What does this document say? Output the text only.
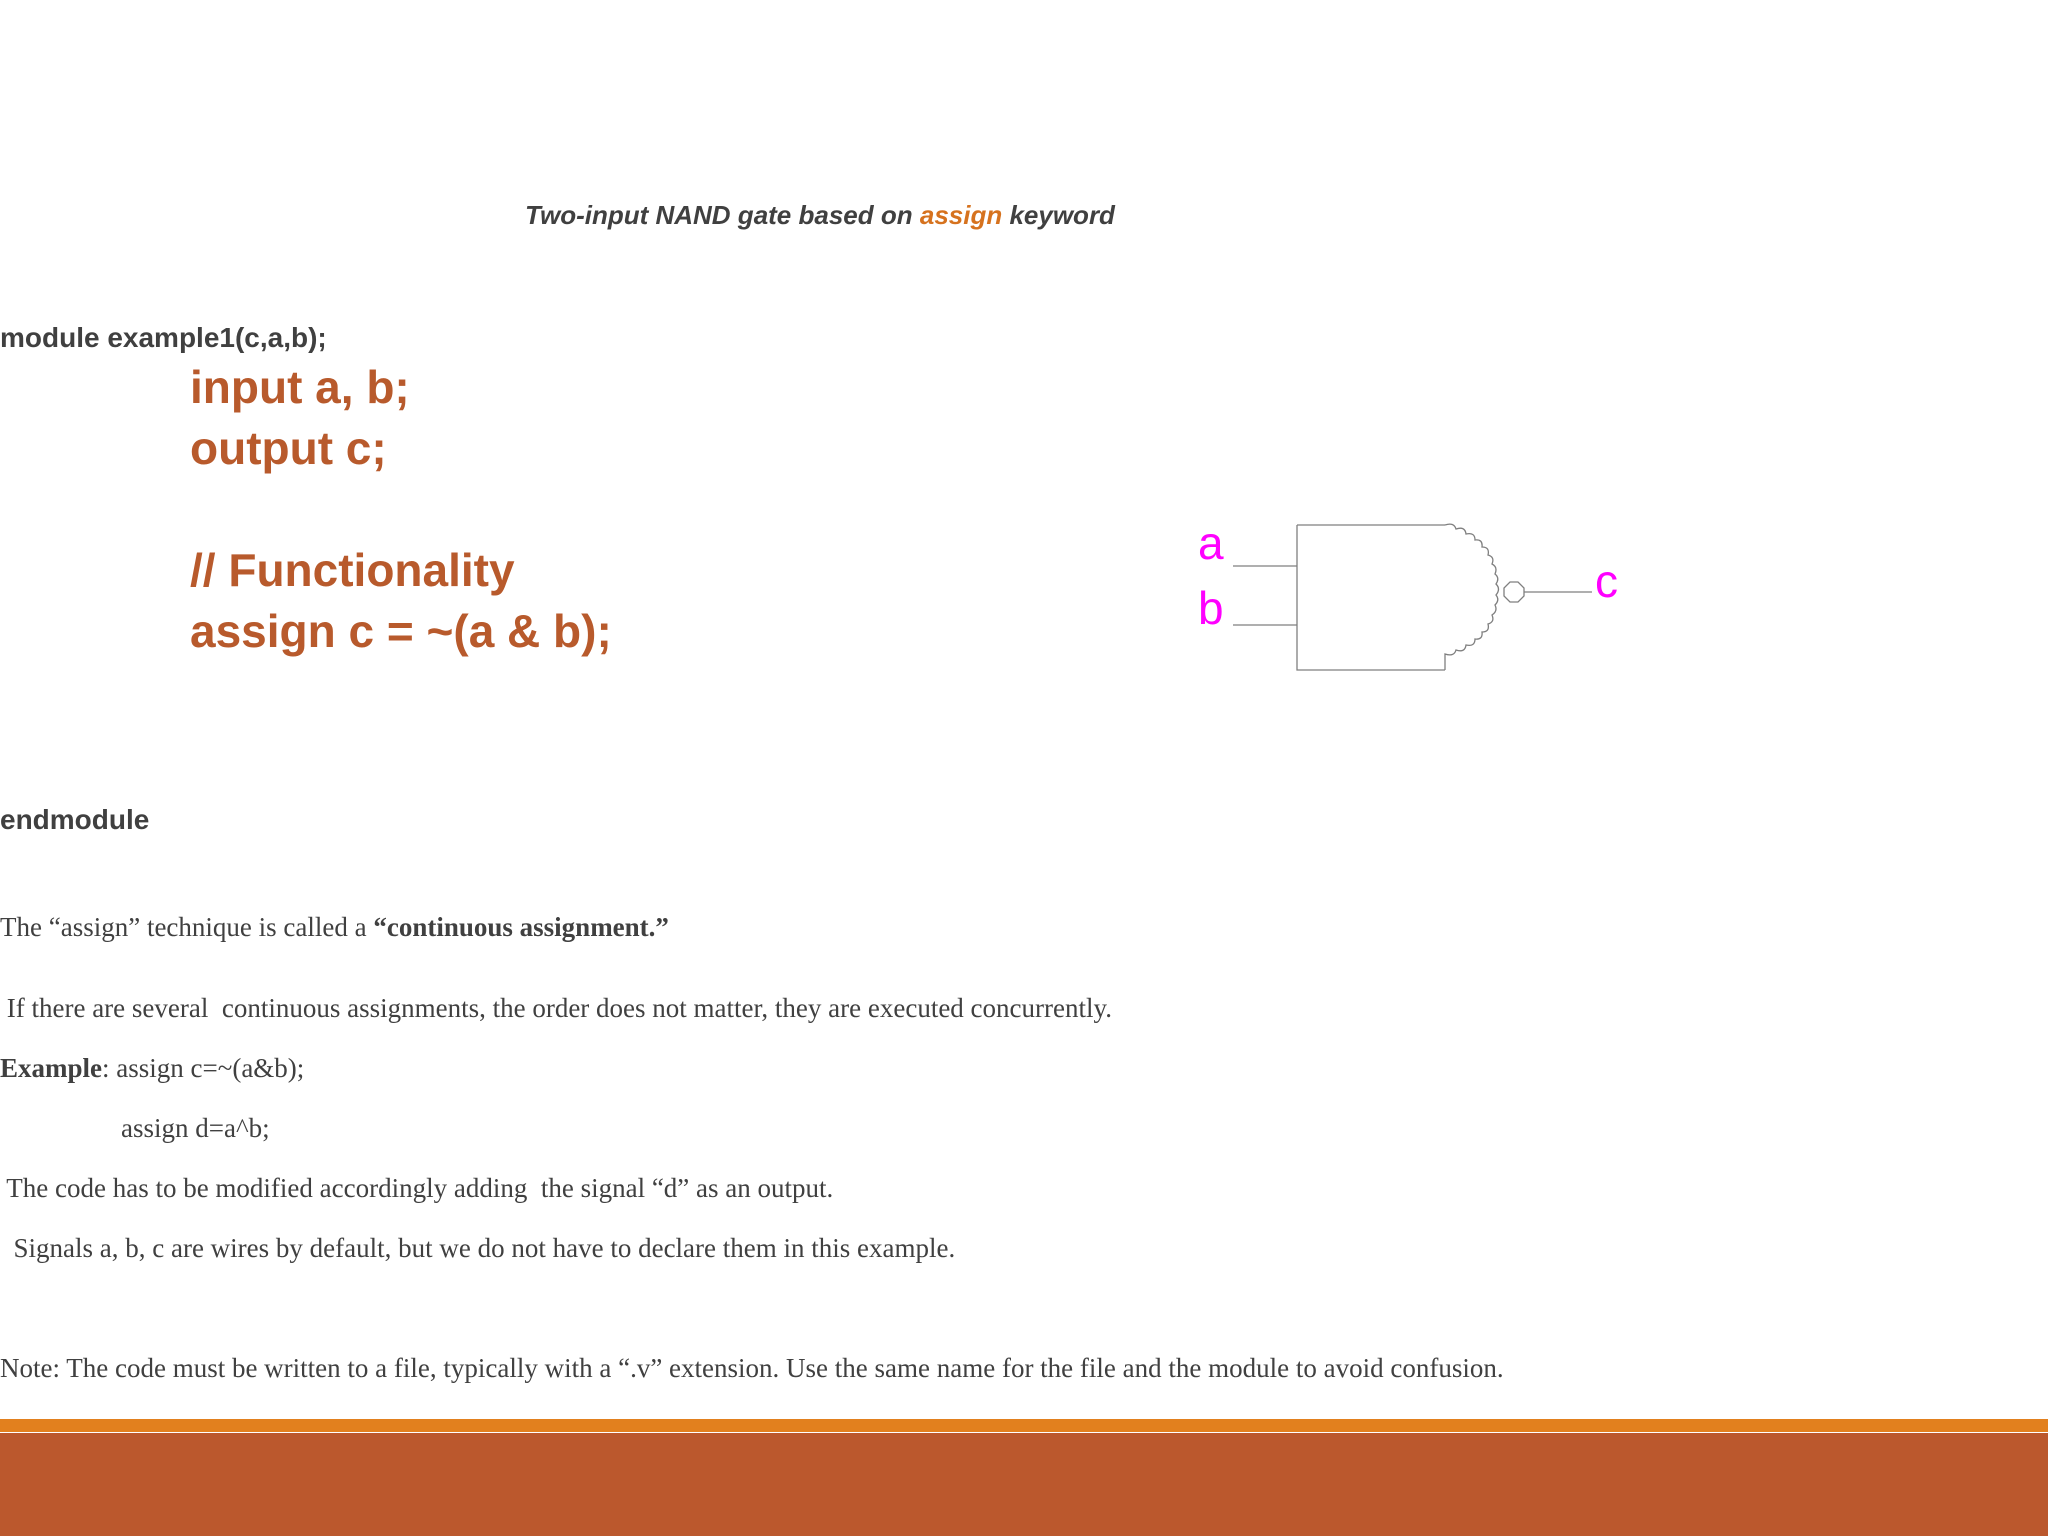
Two-input NAND gate based on assign keyword
module example1(c,a,b);
input a, b;
output c;
// Functionality
assign c = ~(a & b);
endmodule
a
b
c
The “assign” technique is called a “continuous assignment.”
If there are several  continuous assignments, the order does not matter, they are executed concurrently.
Example: assign c=~(a&b);
assign d=a^b;
The code has to be modified accordingly adding  the signal “d” as an output.
Signals a, b, c are wires by default, but we do not have to declare them in this example.
Note: The code must be written to a file, typically with a “.v” extension. Use the same name for the file and the module to avoid confusion.
